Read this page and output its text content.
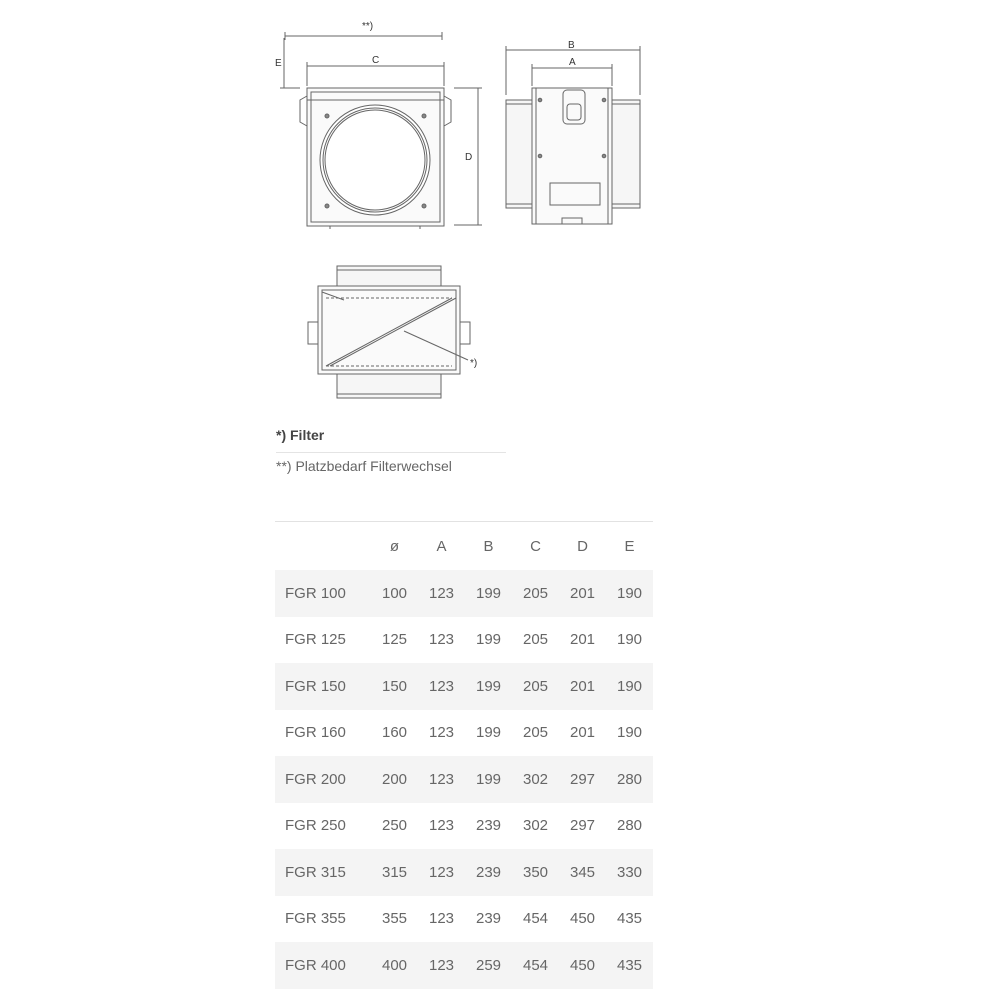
**)
C
D
E
B
A
*)
*) Filter
**) Platzbedarf Filterwechsel
	ø	A	B	C	D	E
FGR 100	100	123	199	205	201	190
FGR 125	125	123	199	205	201	190
FGR 150	150	123	199	205	201	190
FGR 160	160	123	199	205	201	190
FGR 200	200	123	199	302	297	280
FGR 250	250	123	239	302	297	280
FGR 315	315	123	239	350	345	330
FGR 355	355	123	239	454	450	435
FGR 400	400	123	259	454	450	435
